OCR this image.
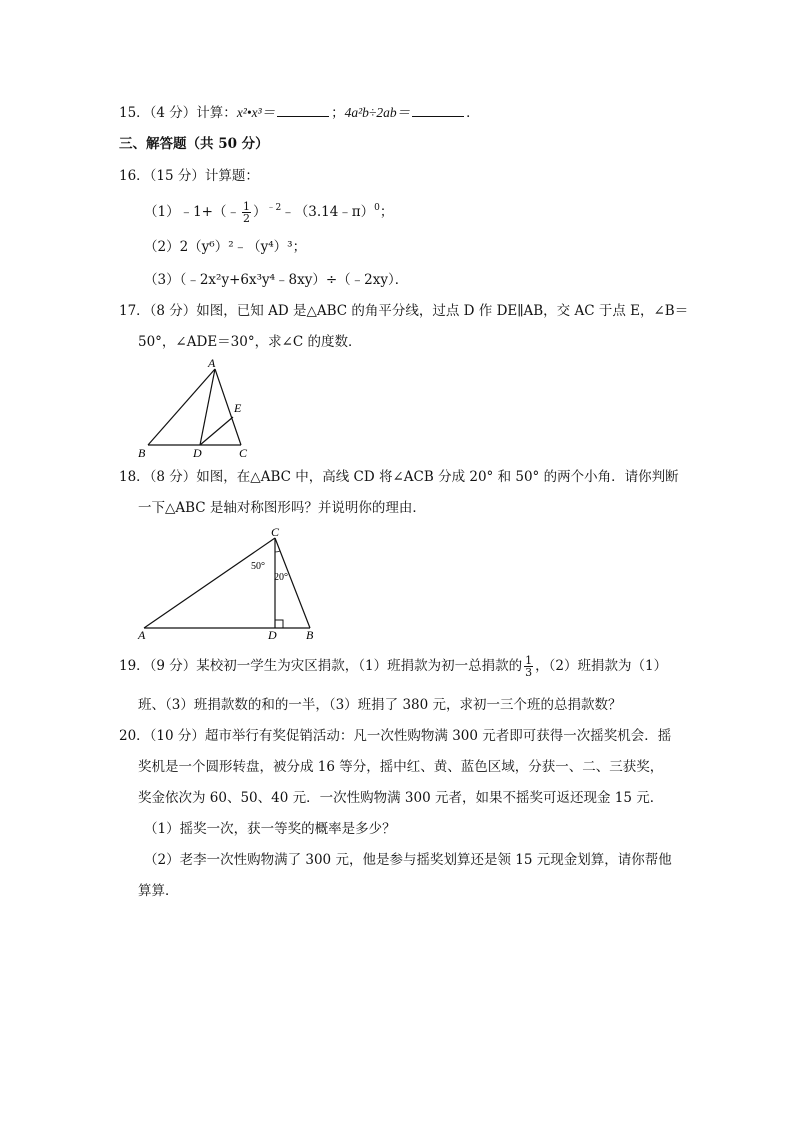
15．（4 分）计算：x²•x³＝	；4a²b÷2ab＝	．
三、解答题（共 50 分）
16．（15 分）计算题：
（1）﹣1+（﹣ $\frac{1}{2}$ ）$^{﹣2}$﹣（3.14﹣π）$^0$；
（2）2（y⁶）²﹣（y⁴）³；
（3）（﹣2x²y+6x³y⁴﹣8xy）÷（﹣2xy）．
17．（8 分）如图，已知 AD 是△ABC 的角平分线，过点 D 作 DE∥AB，交 AC 于点 E，∠B＝
50°，∠ADE＝30°，求∠C 的度数．
A
B	D	C
E
18．（8 分）如图，在△ABC 中，高线 CD 将∠ACB 分成 20° 和 50° 的两个小角．请你判断
一下△ABC 是轴对称图形吗？并说明你的理由．
C
A	D B
50°
20°
19．（9 分）某校初一学生为灾区捐款，（1）班捐款为初一总捐款的 $\frac{1}{3}$ ，（2）班捐款为（1）
班、（3）班捐款数的和的一半，（3）班捐了 380 元，求初一三个班的总捐款数？
20．（10 分）超市举行有奖促销活动：凡一次性购物满 300 元者即可获得一次摇奖机会．摇
奖机是一个圆形转盘，被分成 16 等分，摇中红、黄、蓝色区域，分获一、二、三获奖，
奖金依次为 60、50、40 元．一次性购物满 300 元者，如果不摇奖可返还现金 15 元．
（1）摇奖一次，获一等奖的概率是多少？
（2）老李一次性购物满了 300 元，他是参与摇奖划算还是领 15 元现金划算，请你帮他
算算．
